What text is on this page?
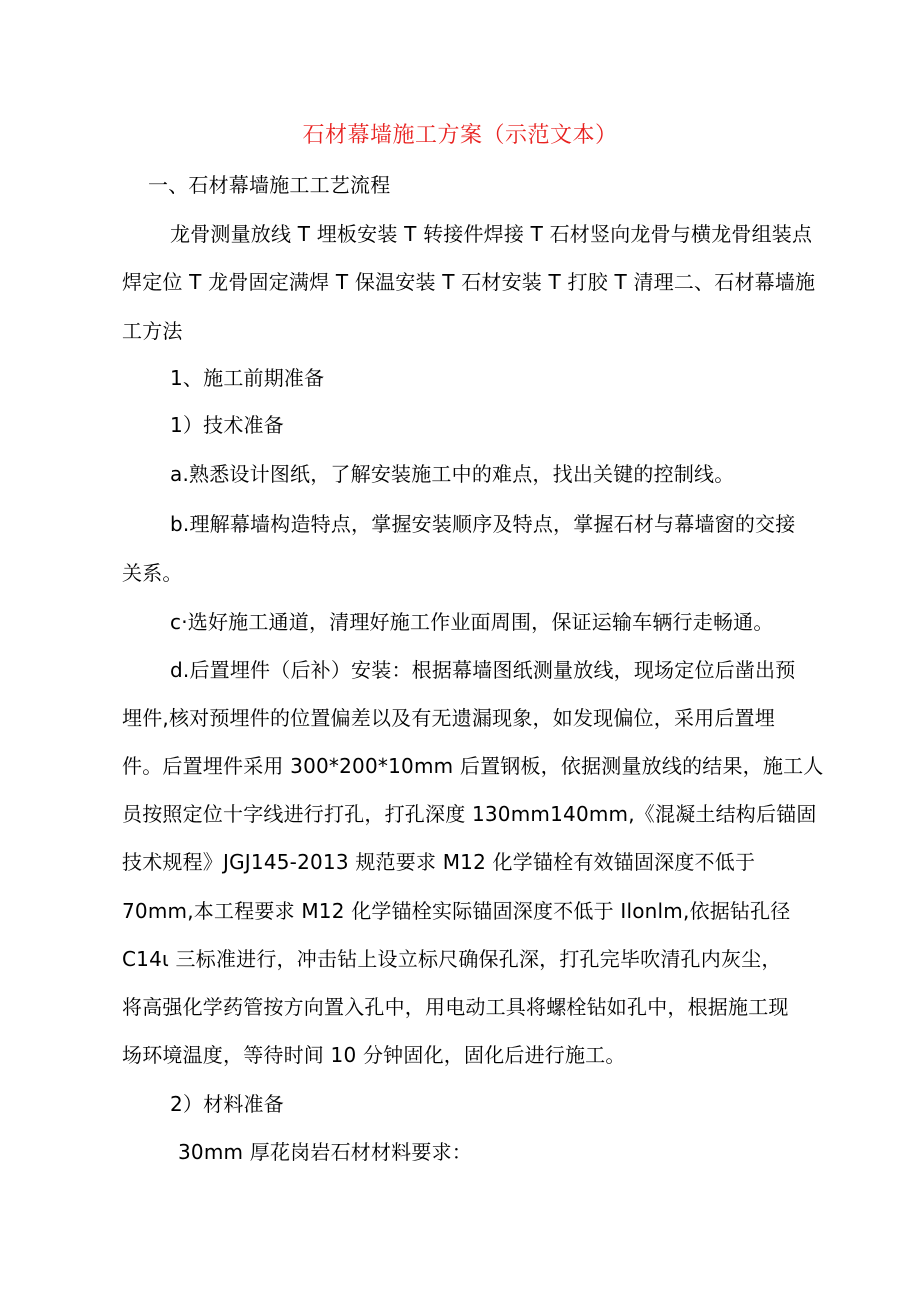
石材幕墙施工方案（示范文本）
一、石材幕墙施工工艺流程
龙骨测量放线 T 埋板安装 T 转接件焊接 T 石材竖向龙骨与横龙骨组装点
焊定位 T 龙骨固定满焊 T 保温安装 T 石材安装 T 打胶 T 清理二、石材幕墙施
工方法
1、施工前期准备
1）技术准备
a.熟悉设计图纸，了解安装施工中的难点，找出关键的控制线。
b.理解幕墙构造特点，掌握安装顺序及特点，掌握石材与幕墙窗的交接
关系。
c·选好施工通道，清理好施工作业面周围，保证运输车辆行走畅通。
d.后置埋件（后补）安装：根据幕墙图纸测量放线，现场定位后凿出预
埋件,核对预埋件的位置偏差以及有无遗漏现象，如发现偏位，采用后置埋
件。后置埋件采用 300*200*10mm 后置钢板，依据测量放线的结果，施工人
员按照定位十字线进行打孔，打孔深度 130mm140mm,《混凝土结构后锚固
技术规程》JGJ145-2013 规范要求 M12 化学锚栓有效锚固深度不低于
70mm,本工程要求 M12 化学锚栓实际锚固深度不低于 Ilonlm,依据钻孔径
C14ι 三标准进行，冲击钻上设立标尺确保孔深，打孔完毕吹清孔内灰尘，
将高强化学药管按方向置入孔中，用电动工具将螺栓钻如孔中，根据施工现
场环境温度，等待时间 10 分钟固化，固化后进行施工。
2）材料准备
30mm 厚花岗岩石材材料要求：
